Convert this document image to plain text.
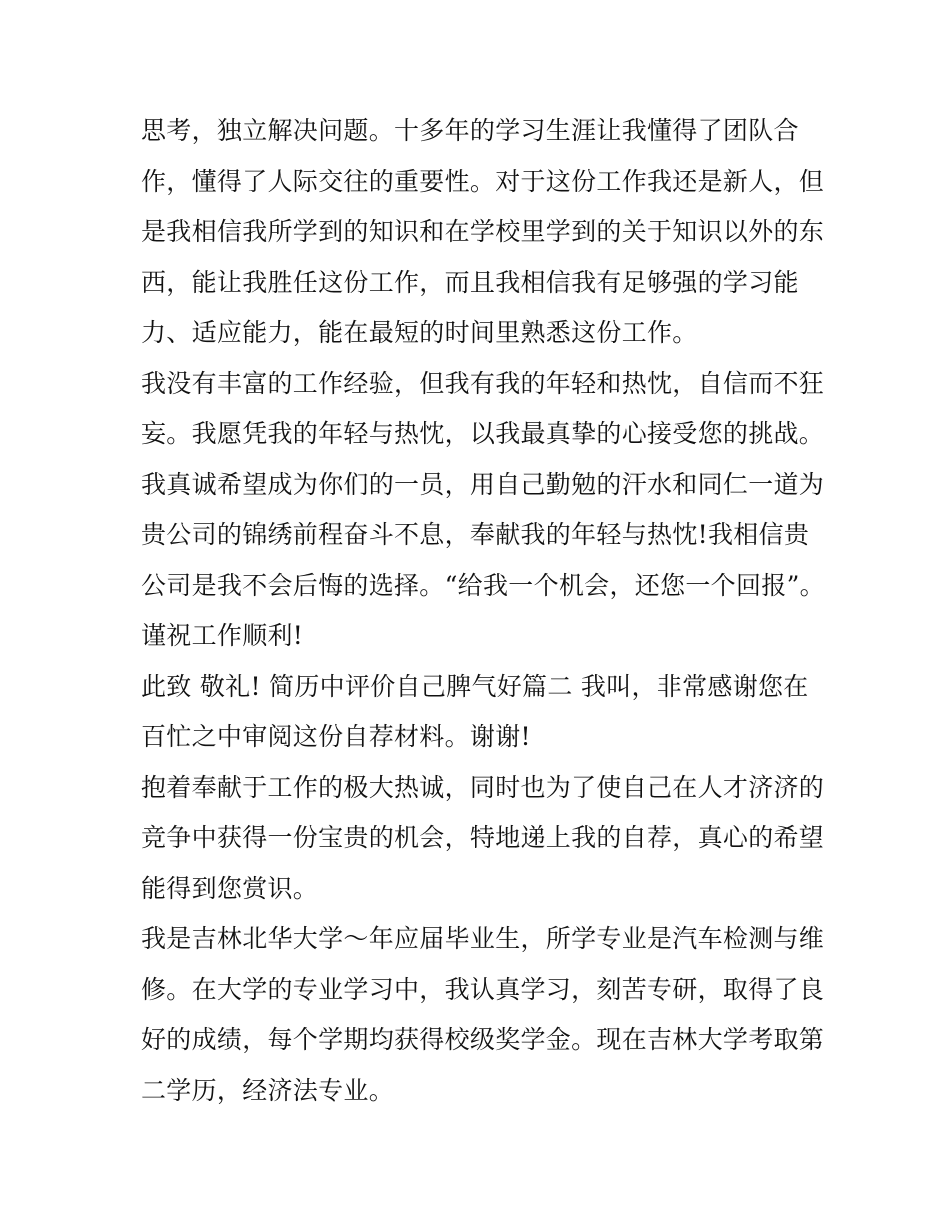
思考，独立解决问题。十多年的学习生涯让我懂得了团队合
作，懂得了人际交往的重要性。对于这份工作我还是新人，但
是我相信我所学到的知识和在学校里学到的关于知识以外的东
西，能让我胜任这份工作，而且我相信我有足够强的学习能
力、适应能力，能在最短的时间里熟悉这份工作。
我没有丰富的工作经验，但我有我的年轻和热忱，自信而不狂
妄。我愿凭我的年轻与热忱，以我最真挚的心接受您的挑战。
我真诚希望成为你们的一员，用自己勤勉的汗水和同仁一道为
贵公司的锦绣前程奋斗不息，奉献我的年轻与热忱!我相信贵
公司是我不会后悔的选择。“给我一个机会，还您一个回报”。
谨祝工作顺利!
此致 敬礼! 简历中评价自己脾气好篇二 我叫，非常感谢您在
百忙之中审阅这份自荐材料。谢谢!
抱着奉献于工作的极大热诚，同时也为了使自己在人才济济的
竞争中获得一份宝贵的机会，特地递上我的自荐，真心的希望
能得到您赏识。
我是吉林北华大学～年应届毕业生，所学专业是汽车检测与维
修。在大学的专业学习中，我认真学习，刻苦专研，取得了良
好的成绩，每个学期均获得校级奖学金。现在吉林大学考取第
二学历，经济法专业。
